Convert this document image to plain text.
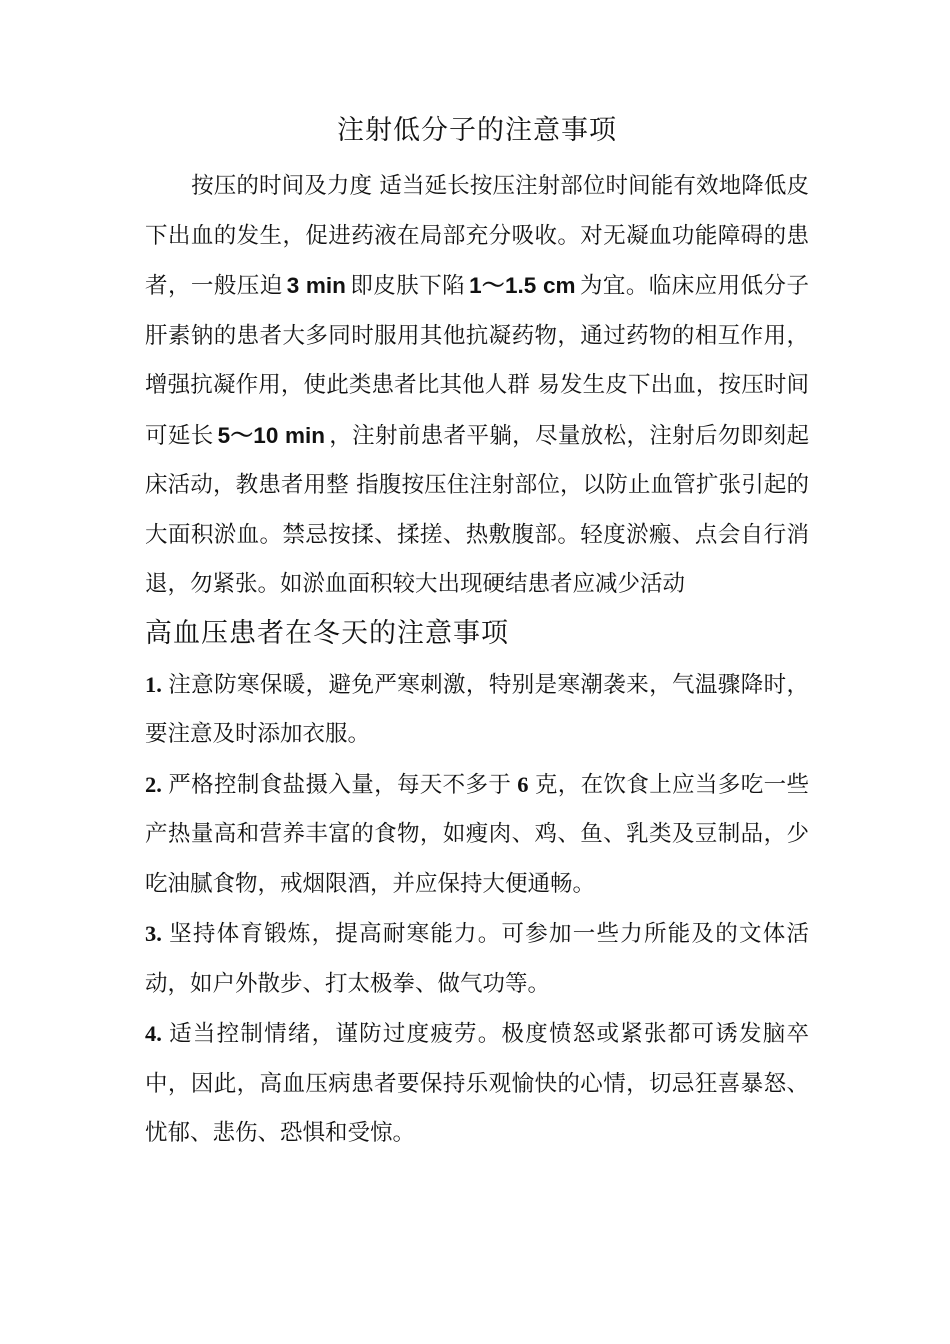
注射低分子的注意事项

按压的时间及力度 适当延长按压注射部位时间能有效地降低皮下出血的发生，促进药液在局部充分吸收。对无凝血功能障碍的患者，一般压迫 3 min 即皮肤下陷 1～1.5 cm 为宜。临床应用低分子肝素钠的患者大多同时服用其他抗凝药物，通过药物的相互作用，增强抗凝作用，使此类患者比其他人群 易发生皮下出血，按压时间可延长 5～10 min ，注射前患者平躺，尽量放松，注射后勿即刻起床活动，教患者用整 指腹按压住注射部位，以防止血管扩张引起的大面积淤血。禁忌按揉、揉搓、热敷腹部。轻度淤瘢、点会自行消退，勿紧张。如淤血面积较大出现硬结患者应减少活动

高血压患者在冬天的注意事项

1. 注意防寒保暖，避免严寒刺激，特别是寒潮袭来，气温骤降时，要注意及时添加衣服。

2. 严格控制食盐摄入量，每天不多于 6 克，在饮食上应当多吃一些产热量高和营养丰富的食物，如瘦肉、鸡、鱼、乳类及豆制品，少吃油腻食物，戒烟限酒，并应保持大便通畅。

3. 坚持体育锻炼，提高耐寒能力。可参加一些力所能及的文体活动，如户外散步、打太极拳、做气功等。

4. 适当控制情绪，谨防过度疲劳。极度愤怒或紧张都可诱发脑卒中，因此，高血压病患者要保持乐观愉快的心情，切忌狂喜暴怒、忧郁、悲伤、恐惧和受惊。
